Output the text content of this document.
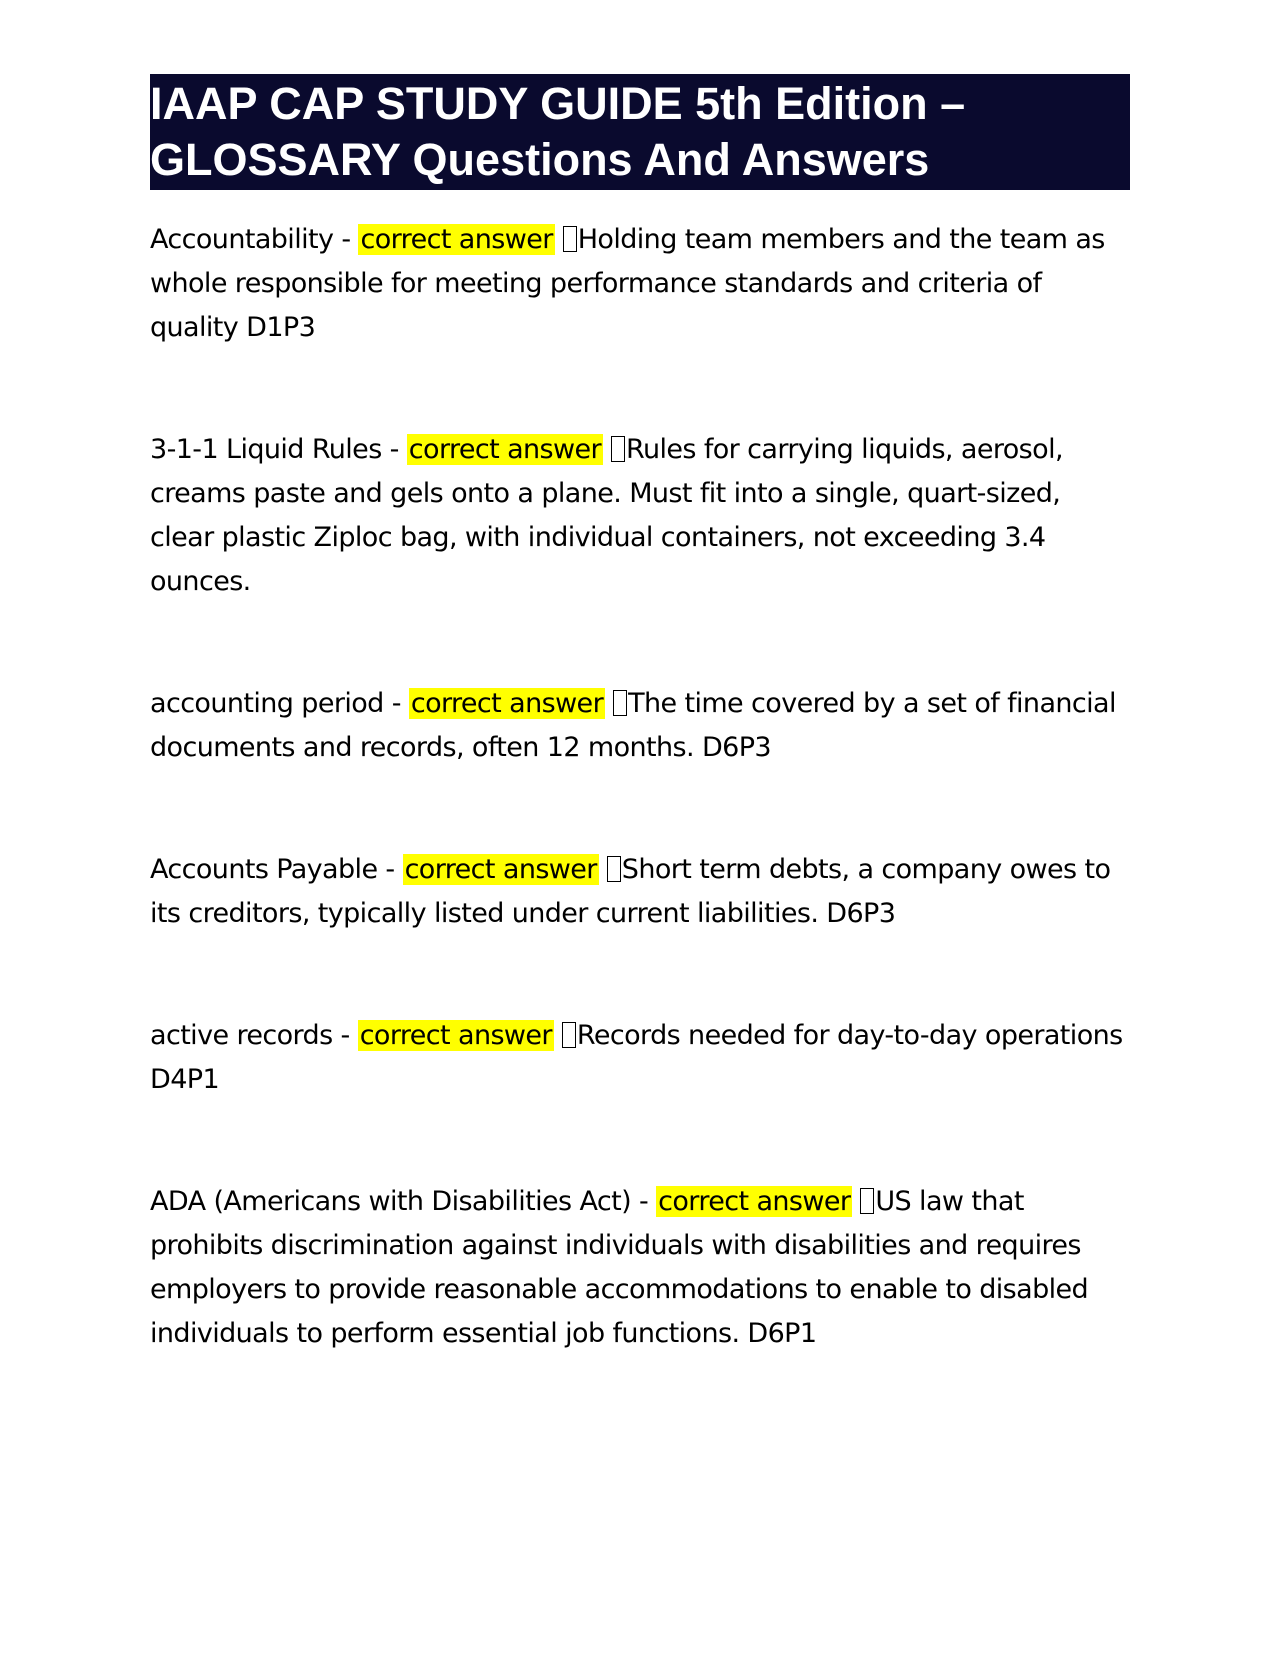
IAAP CAP STUDY GUIDE 5th Edition –
GLOSSARY Questions And Answers

Accountability - correct answer Holding team members and the team as whole responsible for meeting performance standards and criteria of quality D1P3

3-1-1 Liquid Rules - correct answer Rules for carrying liquids, aerosol, creams paste and gels onto a plane. Must fit into a single, quart-sized, clear plastic Ziploc bag, with individual containers, not exceeding 3.4 ounces.

accounting period - correct answer The time covered by a set of financial documents and records, often 12 months. D6P3

Accounts Payable - correct answer Short term debts, a company owes to its creditors, typically listed under current liabilities. D6P3

active records - correct answer Records needed for day-to-day operations D4P1

ADA (Americans with Disabilities Act) - correct answer US law that prohibits discrimination against individuals with disabilities and requires employers to provide reasonable accommodations to enable to disabled individuals to perform essential job functions. D6P1
